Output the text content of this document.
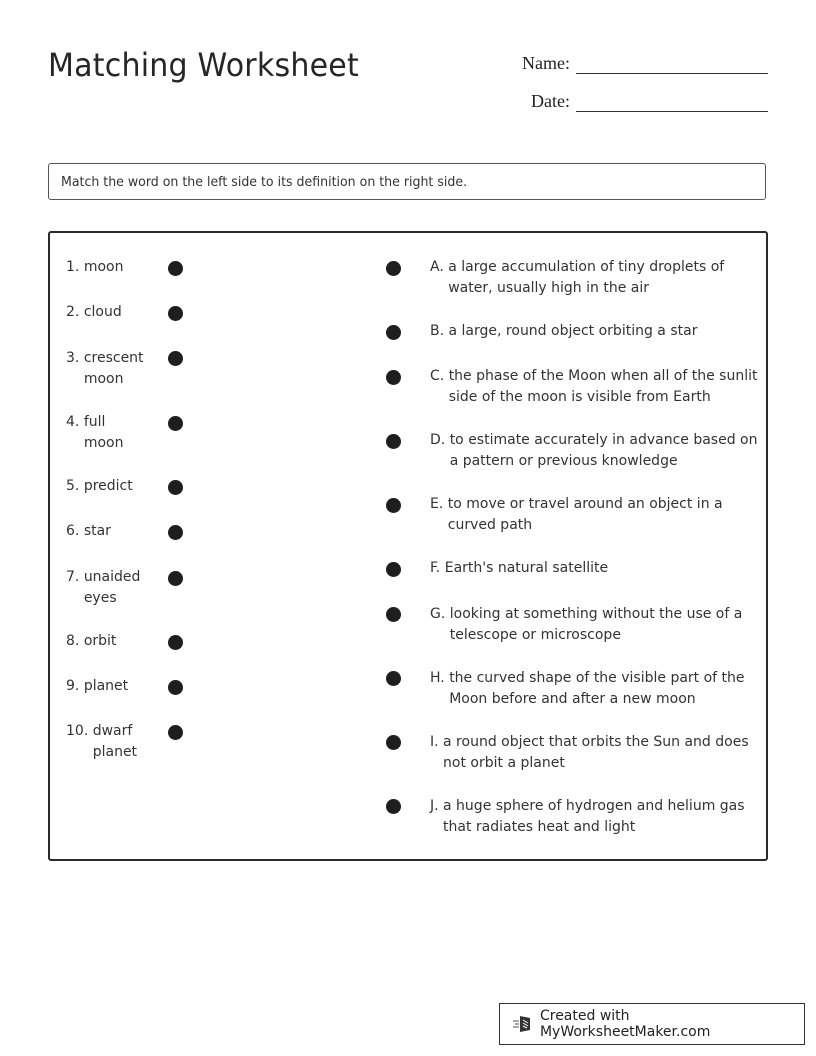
Matching Worksheet	Name:
Date:
Match the word on the left side to its definition on the right side.
1. moon
2. cloud
3. crescent
moon
4. full
moon
5. predict
6. star
7. unaided
eyes
8. orbit
9. planet
10. dwarf
planet
A. a large accumulation of tiny droplets of water, usually high in the air
B. a large, round object orbiting a star
C. the phase of the Moon when all of the sunlit side of the moon is visible from Earth
D. to estimate accurately in advance based on a pattern or previous knowledge
E. to move or travel around an object in a curved path
F. Earth's natural satellite
G. looking at something without the use of a telescope or microscope
H. the curved shape of the visible part of the Moon before and after a new moon
I. a round object that orbits the Sun and does not orbit a planet
J. a huge sphere of hydrogen and helium gas that radiates heat and light
Created with MyWorksheetMaker.com
